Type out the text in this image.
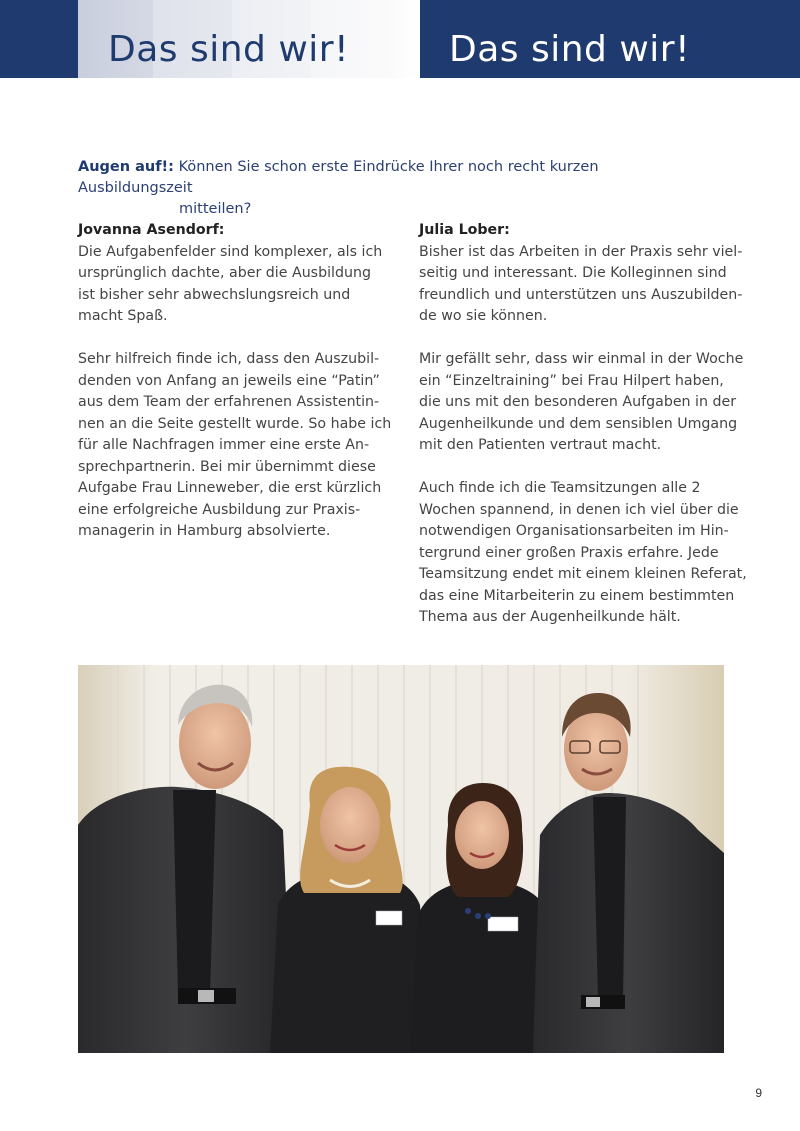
Das sind wir!	Das sind wir!
Augen auf!: Können Sie schon erste Eindrücke Ihrer noch recht kurzen Ausbildungszeit
mitteilen?
Jovanna Asendorf:
Die Aufgabenfelder sind komplexer, als ich
ursprünglich dachte, aber die Ausbildung
ist bisher sehr abwechslungsreich und
macht Spaß.
Sehr hilfreich finde ich, dass den Auszubil-
denden von Anfang an jeweils eine “Patin”
aus dem Team der erfahrenen Assistentin-
nen an die Seite gestellt wurde. So habe ich
für alle Nachfragen immer eine erste An-
sprechpartnerin. Bei mir übernimmt diese
Aufgabe Frau Linneweber, die erst kürzlich
eine erfolgreiche Ausbildung zur Praxis-
managerin in Hamburg absolvierte.
Julia Lober:
Bisher ist das Arbeiten in der Praxis sehr viel-
seitig und interessant. Die Kolleginnen sind
freundlich und unterstützen uns Auszubilden-
de wo sie können.
Mir gefällt sehr, dass wir einmal in der Woche
ein “Einzeltraining” bei Frau Hilpert haben,
die uns mit den besonderen Aufgaben in der
Augenheilkunde und dem sensiblen Umgang
mit den Patienten vertraut macht.
Auch finde ich die Teamsitzungen alle 2
Wochen spannend, in denen ich viel über die
notwendigen Organisationsarbeiten im Hin-
tergrund einer großen Praxis erfahre. Jede
Teamsitzung endet mit einem kleinen Referat,
das eine Mitarbeiterin zu einem bestimmten
Thema aus der Augenheilkunde hält.
9
